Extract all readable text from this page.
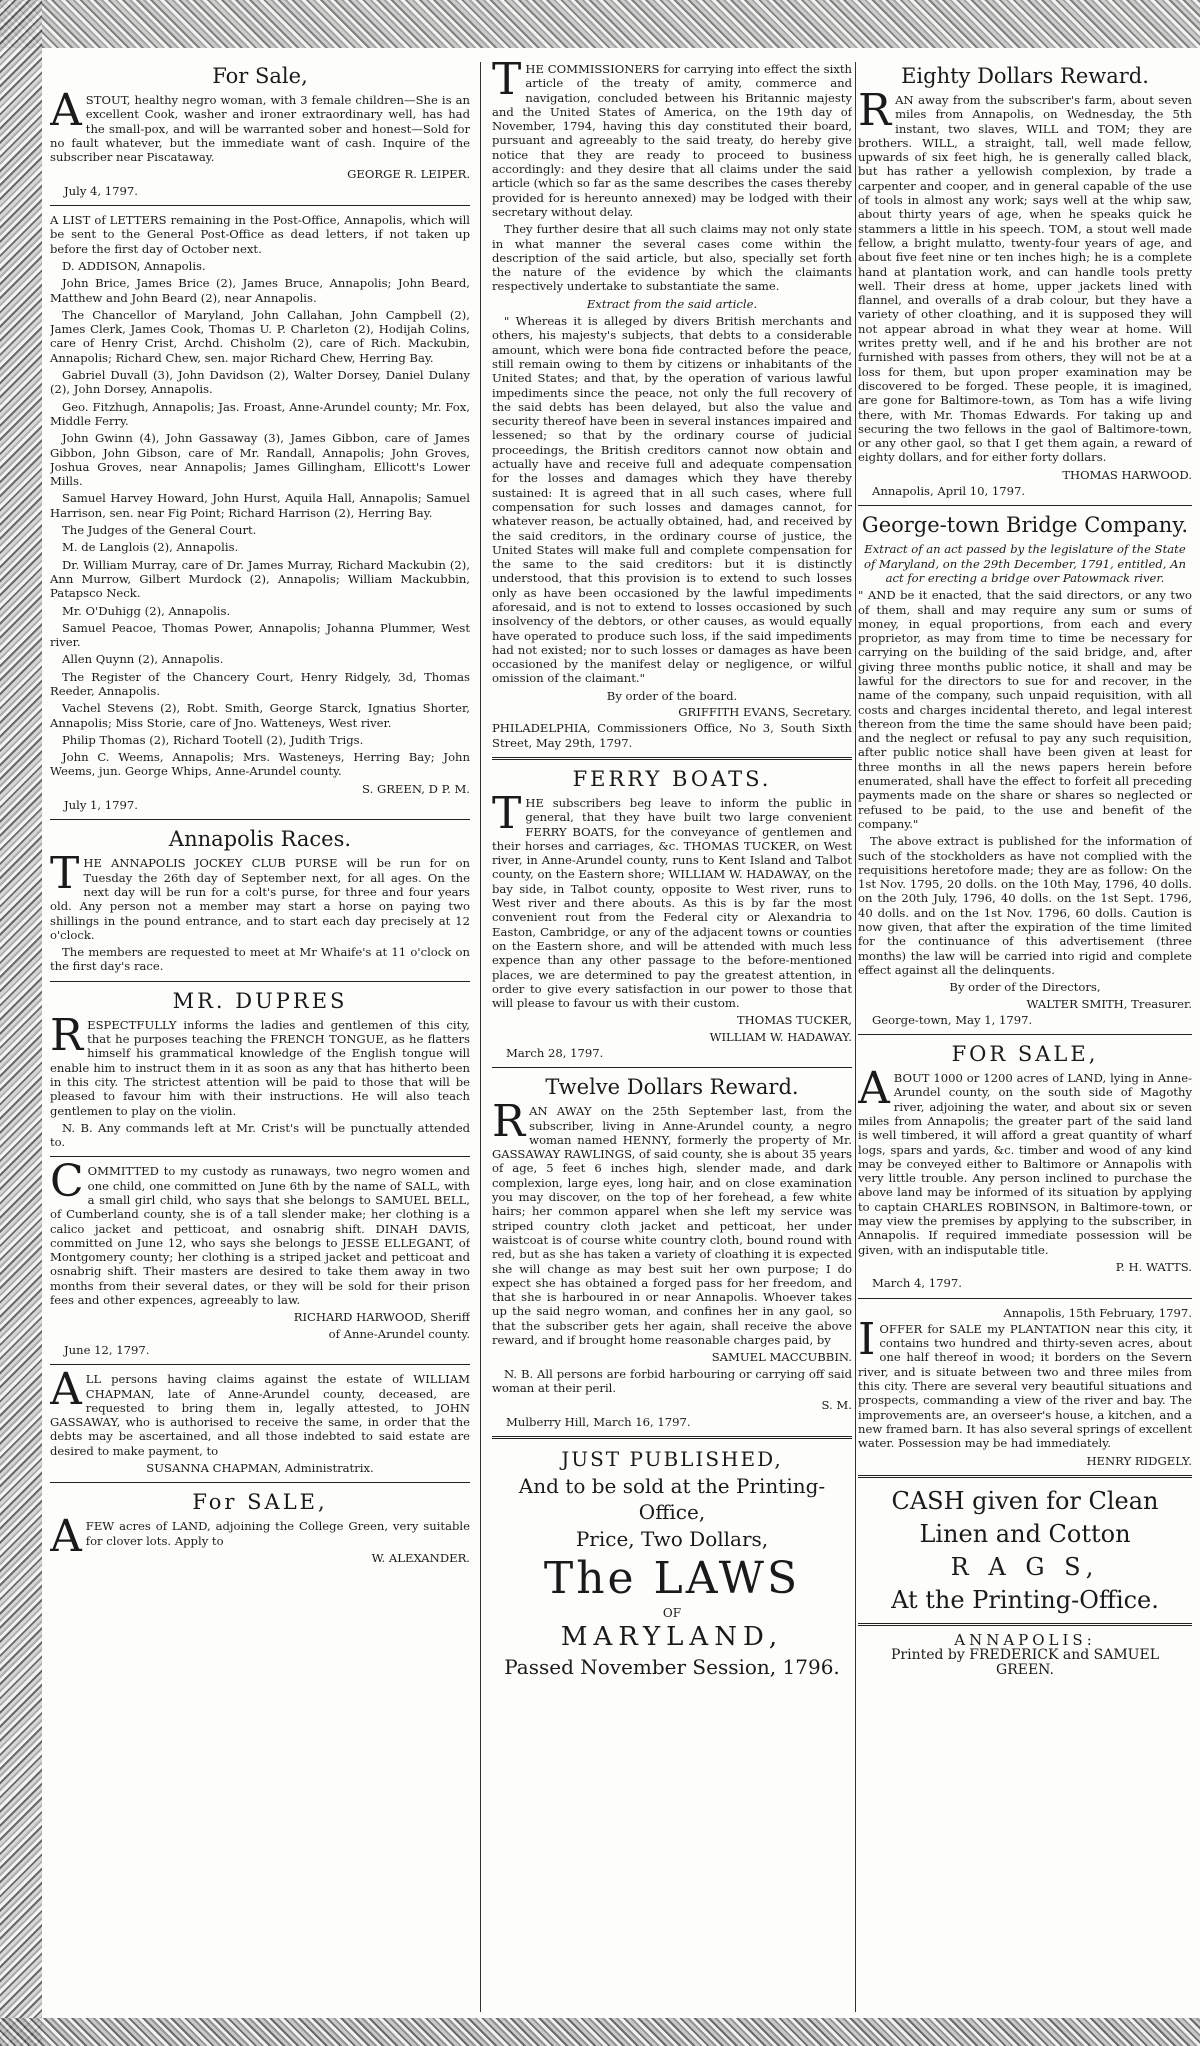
For Sale,

ASTOUT, healthy negro woman, with 3 female children—She is an excellent Cook, washer and ironer extraordinary well, has had the small-pox, and will be warranted sober and honest—Sold for no fault whatever, but the immediate want of cash. Inquire of the subscriber near Piscataway.

GEORGE R. LEIPER.
July 4, 1797.

A LIST of LETTERS remaining in the Post-Office, Annapolis, which will be sent to the General Post-Office as dead letters, if not taken up before the first day of October next.

D. ADDISON, Annapolis.

John Brice, James Brice (2), James Bruce, Annapolis; John Beard, Matthew and John Beard (2), near Annapolis.

The Chancellor of Maryland, John Callahan, John Campbell (2), James Clerk, James Cook, Thomas U. P. Charleton (2), Hodijah Colins, care of Henry Crist, Archd. Chisholm (2), care of Rich. Mackubin, Annapolis; Richard Chew, sen. major Richard Chew, Herring Bay.

Gabriel Duvall (3), John Davidson (2), Walter Dorsey, Daniel Dulany (2), John Dorsey, Annapolis.

Geo. Fitzhugh, Annapolis; Jas. Froast, Anne-Arundel county; Mr. Fox, Middle Ferry.

John Gwinn (4), John Gassaway (3), James Gibbon, care of James Gibbon, John Gibson, care of Mr. Randall, Annapolis; John Groves, Joshua Groves, near Annapolis; James Gillingham, Ellicott's Lower Mills.

Samuel Harvey Howard, John Hurst, Aquila Hall, Annapolis; Samuel Harrison, sen. near Fig Point; Richard Harrison (2), Herring Bay.

The Judges of the General Court.

M. de Langlois (2), Annapolis.

Dr. William Murray, care of Dr. James Murray, Richard Mackubin (2), Ann Murrow, Gilbert Murdock (2), Annapolis; William Mackubbin, Patapsco Neck.

Mr. O'Duhigg (2), Annapolis.

Samuel Peacoe, Thomas Power, Annapolis; Johanna Plummer, West river.

Allen Quynn (2), Annapolis.

The Register of the Chancery Court, Henry Ridgely, 3d, Thomas Reeder, Annapolis.

Vachel Stevens (2), Robt. Smith, George Starck, Ignatius Shorter, Annapolis; Miss Storie, care of Jno. Watteneys, West river.

Philip Thomas (2), Richard Tootell (2), Judith Trigs.

John C. Weems, Annapolis; Mrs. Wasteneys, Herring Bay; John Weems, jun. George Whips, Anne-Arundel county.

S. GREEN, D P. M.
July 1, 1797.
Annapolis Races.

THE ANNAPOLIS JOCKEY CLUB PURSE will be run for on Tuesday the 26th day of September next, for all ages. On the next day will be run for a colt's purse, for three and four years old. Any person not a member may start a horse on paying two shillings in the pound entrance, and to start each day precisely at 12 o'clock.

The members are requested to meet at Mr Whaife's at 11 o'clock on the first day's race.

MR. DUPRES

RESPECTFULLY informs the ladies and gentlemen of this city, that he purposes teaching the FRENCH TONGUE, as he flatters himself his grammatical knowledge of the English tongue will enable him to instruct them in it as soon as any that has hitherto been in this city. The strictest attention will be paid to those that will be pleased to favour him with their instructions. He will also teach gentlemen to play on the violin.

N. B. Any commands left at Mr. Crist's will be punctually attended to.

COMMITTED to my custody as runaways, two negro women and one child, one committed on June 6th by the name of SALL, with a small girl child, who says that she belongs to SAMUEL BELL, of Cumberland county, she is of a tall slender make; her clothing is a calico jacket and petticoat, and osnabrig shift. DINAH DAVIS, committed on June 12, who says she belongs to JESSE ELLEGANT, of Montgomery county; her clothing is a striped jacket and petticoat and osnabrig shift. Their masters are desired to take them away in two months from their several dates, or they will be sold for their prison fees and other expences, agreeably to law.

RICHARD HARWOOD, Sheriff
of Anne-Arundel county.
June 12, 1797.

ALL persons having claims against the estate of WILLIAM CHAPMAN, late of Anne-Arundel county, deceased, are requested to bring them in, legally attested, to JOHN GASSAWAY, who is authorised to receive the same, in order that the debts may be ascertained, and all those indebted to said estate are desired to make payment, to

SUSANNA CHAPMAN, Administratrix.
For SALE,

AFEW acres of LAND, adjoining the College Green, very suitable for clover lots. Apply to

W. ALEXANDER.

THE COMMISSIONERS for carrying into effect the sixth article of the treaty of amity, commerce and navigation, concluded between his Britannic majesty and the United States of America, on the 19th day of November, 1794, having this day constituted their board, pursuant and agreeably to the said treaty, do hereby give notice that they are ready to proceed to business accordingly: and they desire that all claims under the said article (which so far as the same describes the cases thereby provided for is hereunto annexed) may be lodged with their secretary without delay.

They further desire that all such claims may not only state in what manner the several cases come within the description of the said article, but also, specially set forth the nature of the evidence by which the claimants respectively undertake to substantiate the same.

Extract from the said article.

" Whereas it is alleged by divers British merchants and others, his majesty's subjects, that debts to a considerable amount, which were bona fide contracted before the peace, still remain owing to them by citizens or inhabitants of the United States; and that, by the operation of various lawful impediments since the peace, not only the full recovery of the said debts has been delayed, but also the value and security thereof have been in several instances impaired and lessened; so that by the ordinary course of judicial proceedings, the British creditors cannot now obtain and actually have and receive full and adequate compensation for the losses and damages which they have thereby sustained: It is agreed that in all such cases, where full compensation for such losses and damages cannot, for whatever reason, be actually obtained, had, and received by the said creditors, in the ordinary course of justice, the United States will make full and complete compensation for the same to the said creditors: but it is distinctly understood, that this provision is to extend to such losses only as have been occasioned by the lawful impediments aforesaid, and is not to extend to losses occasioned by such insolvency of the debtors, or other causes, as would equally have operated to produce such loss, if the said impediments had not existed; nor to such losses or damages as have been occasioned by the manifest delay or negligence, or wilful omission of the claimant."

By order of the board.
GRIFFITH EVANS, Secretary.

PHILADELPHIA, Commissioners Office, No 3, South Sixth Street, May 29th, 1797.

FERRY BOATS.

THE subscribers beg leave to inform the public in general, that they have built two large convenient FERRY BOATS, for the conveyance of gentlemen and their horses and carriages, &c. THOMAS TUCKER, on West river, in Anne-Arundel county, runs to Kent Island and Talbot county, on the Eastern shore; WILLIAM W. HADAWAY, on the bay side, in Talbot county, opposite to West river, runs to West river and there abouts. As this is by far the most convenient rout from the Federal city or Alexandria to Easton, Cambridge, or any of the adjacent towns or counties on the Eastern shore, and will be attended with much less expence than any other passage to the before-mentioned places, we are determined to pay the greatest attention, in order to give every satisfaction in our power to those that will please to favour us with their custom.

THOMAS TUCKER,
WILLIAM W. HADAWAY.
March 28, 1797.
Twelve Dollars Reward.

RAN AWAY on the 25th September last, from the subscriber, living in Anne-Arundel county, a negro woman named HENNY, formerly the property of Mr. GASSAWAY RAWLINGS, of said county, she is about 35 years of age, 5 feet 6 inches high, slender made, and dark complexion, large eyes, long hair, and on close examination you may discover, on the top of her forehead, a few white hairs; her common apparel when she left my service was striped country cloth jacket and petticoat, her under waistcoat is of course white country cloth, bound round with red, but as she has taken a variety of cloathing it is expected she will change as may best suit her own purpose; I do expect she has obtained a forged pass for her freedom, and that she is harboured in or near Annapolis. Whoever takes up the said negro woman, and confines her in any gaol, so that the subscriber gets her again, shall receive the above reward, and if brought home reasonable charges paid, by

SAMUEL MACCUBBIN.

N. B. All persons are forbid harbouring or carrying off said woman at their peril.

S. M.
Mulberry Hill, March 16, 1797.
JUST PUBLISHED,
And to be sold at the Printing-Office,
Price, Two Dollars,
The LAWS
OF
MARYLAND,
Passed November Session, 1796.
Eighty Dollars Reward.

RAN away from the subscriber's farm, about seven miles from Annapolis, on Wednesday, the 5th instant, two slaves, WILL and TOM; they are brothers. WILL, a straight, tall, well made fellow, upwards of six feet high, he is generally called black, but has rather a yellowish complexion, by trade a carpenter and cooper, and in general capable of the use of tools in almost any work; says well at the whip saw, about thirty years of age, when he speaks quick he stammers a little in his speech. TOM, a stout well made fellow, a bright mulatto, twenty-four years of age, and about five feet nine or ten inches high; he is a complete hand at plantation work, and can handle tools pretty well. Their dress at home, upper jackets lined with flannel, and overalls of a drab colour, but they have a variety of other cloathing, and it is supposed they will not appear abroad in what they wear at home. Will writes pretty well, and if he and his brother are not furnished with passes from others, they will not be at a loss for them, but upon proper examination may be discovered to be forged. These people, it is imagined, are gone for Baltimore-town, as Tom has a wife living there, with Mr. Thomas Edwards. For taking up and securing the two fellows in the gaol of Baltimore-town, or any other gaol, so that I get them again, a reward of eighty dollars, and for either forty dollars.

THOMAS HARWOOD.
Annapolis, April 10, 1797.
George-town Bridge Company.

Extract of an act passed by the legislature of the State of Maryland, on the 29th December, 1791, entitled, An act for erecting a bridge over Patowmack river.

" AND be it enacted, that the said directors, or any two of them, shall and may require any sum or sums of money, in equal proportions, from each and every proprietor, as may from time to time be necessary for carrying on the building of the said bridge, and, after giving three months public notice, it shall and may be lawful for the directors to sue for and recover, in the name of the company, such unpaid requisition, with all costs and charges incidental thereto, and legal interest thereon from the time the same should have been paid; and the neglect or refusal to pay any such requisition, after public notice shall have been given at least for three months in all the news papers herein before enumerated, shall have the effect to forfeit all preceding payments made on the share or shares so neglected or refused to be paid, to the use and benefit of the company."

The above extract is published for the information of such of the stockholders as have not complied with the requisitions heretofore made; they are as follow: On the 1st Nov. 1795, 20 dolls. on the 10th May, 1796, 40 dolls. on the 20th July, 1796, 40 dolls. on the 1st Sept. 1796, 40 dolls. and on the 1st Nov. 1796, 60 dolls. Caution is now given, that after the expiration of the time limited for the continuance of this advertisement (three months) the law will be carried into rigid and complete effect against all the delinquents.

By order of the Directors,
WALTER SMITH, Treasurer.
George-town, May 1, 1797.
FOR SALE,

ABOUT 1000 or 1200 acres of LAND, lying in Anne-Arundel county, on the south side of Magothy river, adjoining the water, and about six or seven miles from Annapolis; the greater part of the said land is well timbered, it will afford a great quantity of wharf logs, spars and yards, &c. timber and wood of any kind may be conveyed either to Baltimore or Annapolis with very little trouble. Any person inclined to purchase the above land may be informed of its situation by applying to captain CHARLES ROBINSON, in Baltimore-town, or may view the premises by applying to the subscriber, in Annapolis. If required immediate possession will be given, with an indisputable title.

P. H. WATTS.
March 4, 1797.
Annapolis, 15th February, 1797.

IOFFER for SALE my PLANTATION near this city, it contains two hundred and thirty-seven acres, about one half thereof in wood; it borders on the Severn river, and is situate between two and three miles from this city. There are several very beautiful situations and prospects, commanding a view of the river and bay. The improvements are, an overseer's house, a kitchen, and a new framed barn. It has also several springs of excellent water. Possession may be had immediately.

HENRY RIDGELY.
CASH given for Clean
Linen and Cotton
R A G S,
At the Printing-Office.
ANNAPOLIS:
Printed by FREDERICK and SAMUEL
GREEN.
